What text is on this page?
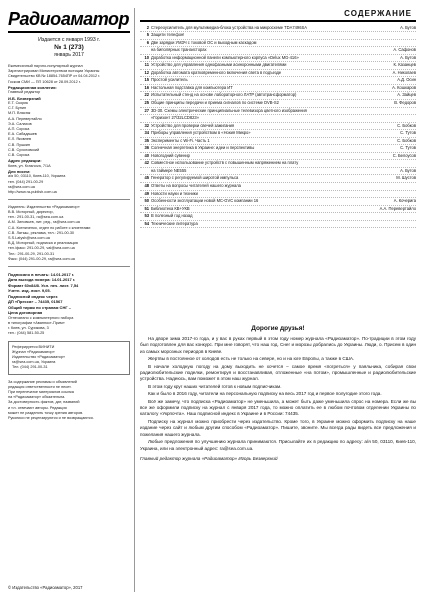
Радиоаматор
Издается с января 1993 г.
№ 1 (273)
январь 2017
Ежемесячный научно-популярный журнал
Зарегистрирован Министерством юстиции Украины
Свидетельство КВ № 18854-7654ПР от 04.04.2012 г.
Госком СМИ — ПП 10628 от 28.09.2012 г.
Редакционная коллегия:
Главный редактор
И.Б. Безверхний
Е.Т. Скорик
С.Г. Бунин
М.П. Власюк
А.А. Перевертайло
Э.А. Салахов
А.П. Сорока
Е.А. Сабадашев
Е.Л. Яковлев
С.В. Пушкин
С.В. Сухоловский
С.В. Сорока
Адрес редакции:
Киев, ул. Krasnova, 7/1A
Для писем:
а/я 50, 03110, Киев-110, Украина
тел. (044) 291-00-29
ra@sea.com.ua
http://www.ra-publish.com.ua
Издатель: Издательство «Радиоаматор»
В.В. Моторный, директор,
тел.: 291-00-31, ra@sea.com.ua
А.М. Зиновьев, лит. ред., ra@sea.com.ua
С.А. Ксениченко, отдел по работе с клиентами
С.В. Латыш, реклама, тел.: 291-00-30
S.S.Latysh@sea.com.ua
В.Д. Моторный, подписка и реализация
тел./факс: 291-00-29, val@sea.com.ua
Тел.: 291-00-29, 291-00-31
Факс: (044) 291-00-29, ra@sea.com.ua
Подписано в печать: 14.01.2017 г.
Дата выхода номера: 14.01.2017 г.
Формат 60x84/8. Усл. печ. лист. 7,54
Учетн. изд. лист. 9,05.
Подписной индекс через
ДП «Пресса» – 74435, 01567
Общий тираж по странам СНГ –
Цена договорная
Отпечатано с компьютерного набора
в типографии «Аванпост-Прим»
г. Киев, ул. Сурикова, 3
тел.: (044) 581-50-25
Реферируется ВИНИТИ
Журнал «Радиоаматор»
Издательство «Радиоаматор»
ra@sea.com.ua, Украина
Тел. (044) 291-00-31
За содержание рекламы и объявлений
редакция ответственности не несет.
При перепечатке материалов ссылка
на «Радиоаматор» обязательна.
За достоверность фактов, дат, названий
и т.п. отвечают авторы. Редакция
может не разделять точку зрения авторов.
Рукописи не рецензируются и не возвращаются.
СОДЕРЖАНИЕ
2 Стереоусилитель для мультимедиа-блока устройства на микросхеме TDA7496SA	А. Бутов
5 Защити телефон!
6 Две зарядки УМЗЧ с токовой ОС и выходным каскадом
на биполярных транзисторах	А. Сафонов
10 Доработка информационной панели компьютерного корпуса «Delux MG-416»	А. Бутов
11 Устройство для управления однофазными асинхронными двигателями	К. Казанцев
12 Доработка автомата кратковременного включения света в подъезде	А. Николаев
15 Простой усилитель	А.Д. Осин
16 Настольная подставка для компьютера ИТ	А. Кошкаров
22 Испытательный стенд на основе лабораторного ЛАТР (автотрансформатор)	А. Зайцев
25 Общие принципы передачи и приема сигналов по системе DVB-S2	В. Федоров
27 3D-30. Схемы электрические принципиальные телевизора цветного изображения
«Горизонт 27/32LCD823»
32 Устройство для проверки свечей зажигания	С. Бобков
34 Приборы управления устройством в «Нокия Микро»	С. Тутов
35 Эксперименты с Wi-Fi. Часть 1	С. Бобков
36 Солнечная энергетика в Украине: идеи и перспективы	С. Тутов
40 Новогодний сувенир	С. Белоусов
42 Совместное использование устройств с повышенным напряжением на плату
на таймере NE555	А. Бутов
45 Генератор с регулируемой широтой импульса	М. Шустов
48 Ответы на вопросы читателей нашего журнала
49 Новости науки и техники
50 Особенности эксплуатации новой MC-GVC компании 16	А. Кочерига
51 Библиотека КВ+УКВ	А.А. Перевертайло
53 В полезный год назад
54 Технические литература
Дорогие друзья!
На дворе зима 2017-го года, и у вас в руках первый в этом году номер журнала «Радиоаматор». По-традиции в этом году был подготовлен для вас конкурс. При мне говорят, что наш год. Снег и морозы добрались до Украины. Люди, о. Присем в один из самых морозных периодов в Киеве.
Жертвы в постоянное от холодов есть не только на севере, но и на юге Европы, а также в США.
В начале холодную погоду на дому выходить не хочется – самое время «погреться» у паяльника, собирая свои радиолюбительские поделки, ремонтируя и восстанавливая, отложенные «на потом», промышленные и радиолюбительские устройства. Надеюсь, вам поможет в этом наш журнал.
В этом году круг наших читателей готов к новым подписчикам.
Как и было в 2016 году, читатели на персональную подписку на весь 2017 год и первое полугодие этого года.
Всё же замечу, что подписка «Радиоаматор» не уменьшила, а может быть даже уменьшила спрос на номера. Если же вы все же оформили подписку на журнал с января 2017 года, то можно оплатить ее в любом почтовом отделении Украины по каталогу «Укрпочта». Наш подписной индекс в Украине и в России: 74435.
Подписку на журнал можно приобрести через издательство. Кроме того, в Украине можно оформить подписку на наше издание через сайт и любым другим способом «Радиоаматор». Пишите, звоните. Мы всегда рады видеть все предложения и пожелания нашего журнала.
Любые предложения по улучшению журнала принимаются. Присылайте их в редакцию по адресу: а/я 50, 03110, Киев-110, Украина, или на электронный адрес: ra@sea.com.ua.
Главный редактор журнала «Радиоаматор» Игорь Безверхний
© Издательство «Радиоаматор», 2017
